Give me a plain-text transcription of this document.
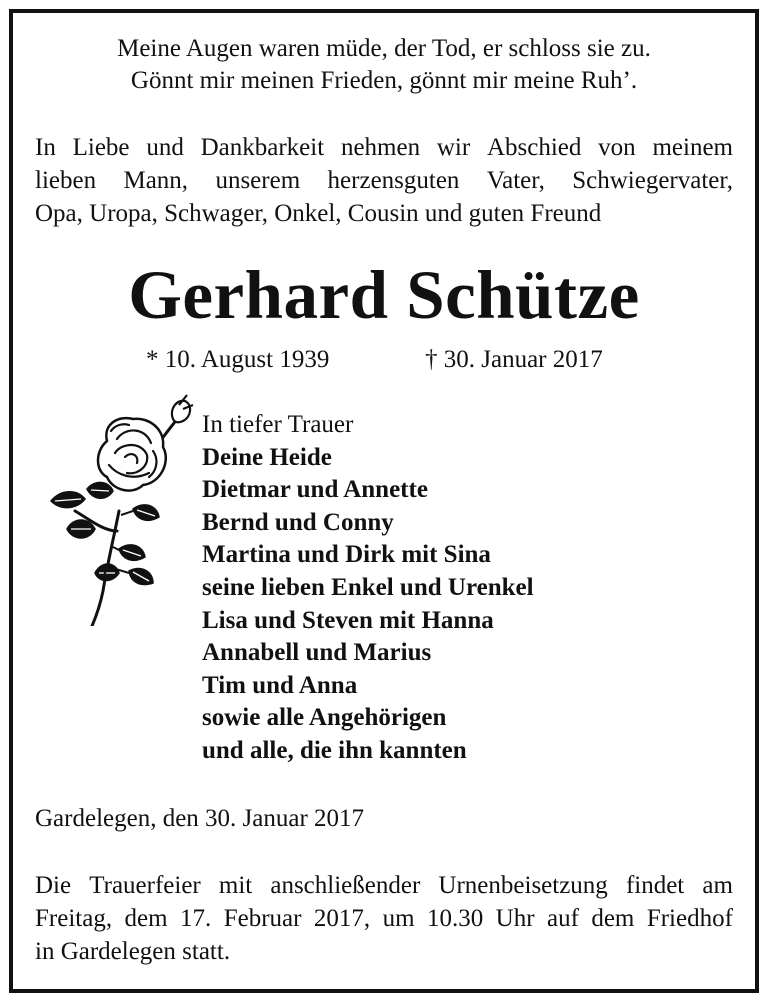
Meine Augen waren müde, der Tod, er schloss sie zu.
Gönnt mir meinen Frieden, gönnt mir meine Ruh’.
In Liebe und Dankbarkeit nehmen wir Abschied von meinem
lieben Mann, unserem herzensguten Vater, Schwiegervater,
Opa, Uropa, Schwager, Onkel, Cousin und guten Freund
Gerhard Schütze
* 10. August 1939	† 30. Januar 2017
In tiefer Trauer
Deine Heide
Dietmar und Annette
Bernd und Conny
Martina und Dirk mit Sina
seine lieben Enkel und Urenkel
Lisa und Steven mit Hanna
Annabell und Marius
Tim und Anna
sowie alle Angehörigen
und alle, die ihn kannten
Gardelegen, den 30. Januar 2017
Die Trauerfeier mit anschließender Urnenbeisetzung findet am
Freitag, dem 17. Februar 2017, um 10.30 Uhr auf dem Friedhof
in Gardelegen statt.
